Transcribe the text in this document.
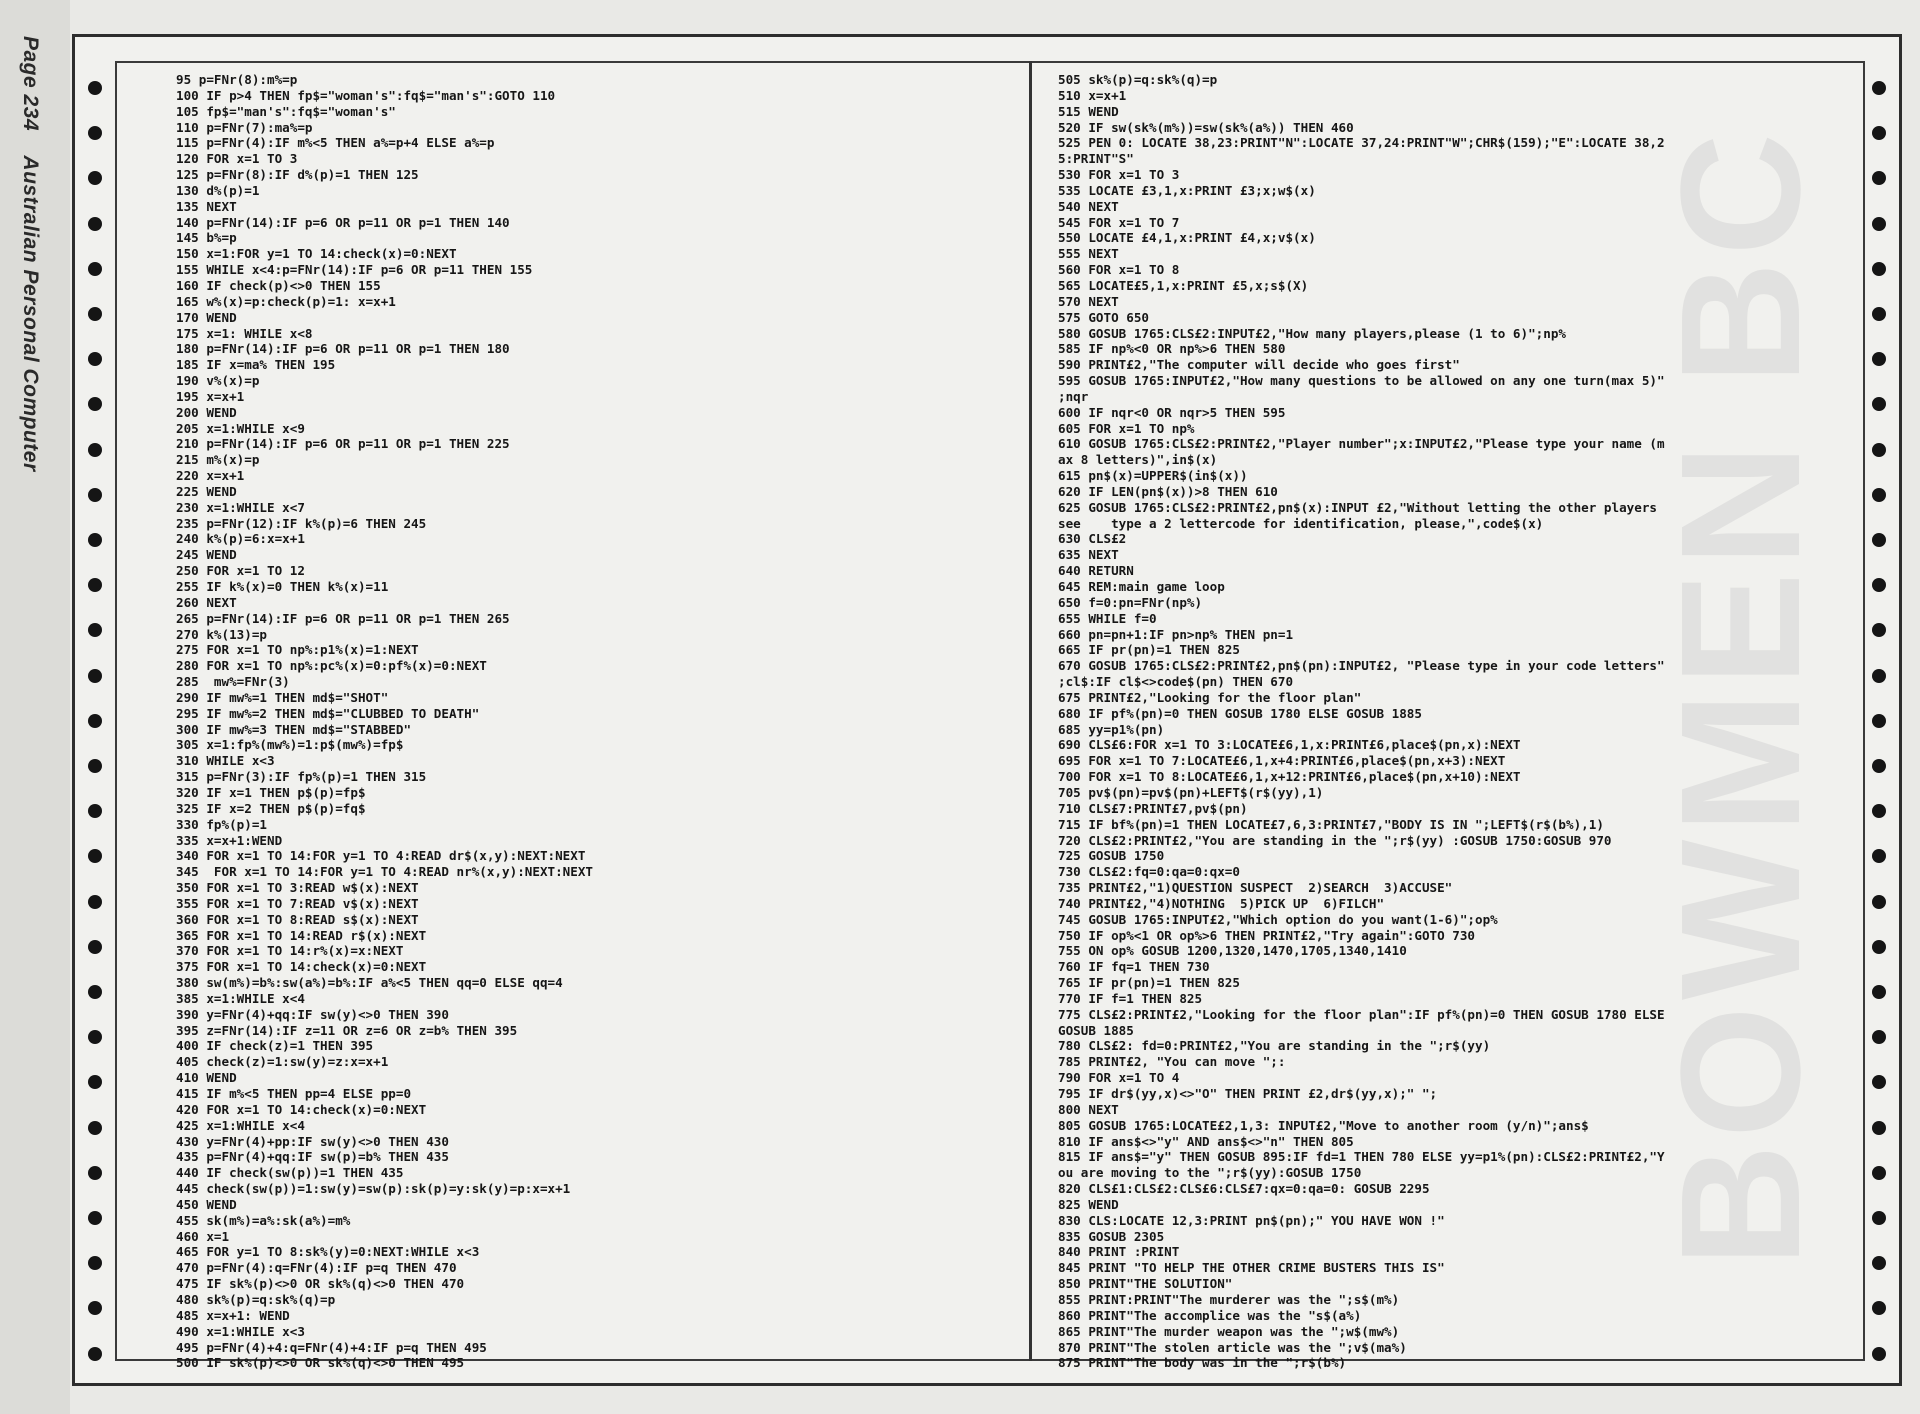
Page 234 Australian Personal Computer	BOWMEN BC
95 p=FNr(8):m%=p
100 IF p>4 THEN fp$="woman's":fq$="man's":GOTO 110
105 fp$="man's":fq$="woman's"
110 p=FNr(7):ma%=p
115 p=FNr(4):IF m%<5 THEN a%=p+4 ELSE a%=p
120 FOR x=1 TO 3
125 p=FNr(8):IF d%(p)=1 THEN 125
130 d%(p)=1
135 NEXT
140 p=FNr(14):IF p=6 OR p=11 OR p=1 THEN 140
145 b%=p
150 x=1:FOR y=1 TO 14:check(x)=0:NEXT
155 WHILE x<4:p=FNr(14):IF p=6 OR p=11 THEN 155
160 IF check(p)<>0 THEN 155
165 w%(x)=p:check(p)=1: x=x+1
170 WEND
175 x=1: WHILE x<8
180 p=FNr(14):IF p=6 OR p=11 OR p=1 THEN 180
185 IF x=ma% THEN 195
190 v%(x)=p
195 x=x+1
200 WEND
205 x=1:WHILE x<9
210 p=FNr(14):IF p=6 OR p=11 OR p=1 THEN 225
215 m%(x)=p
220 x=x+1
225 WEND
230 x=1:WHILE x<7
235 p=FNr(12):IF k%(p)=6 THEN 245
240 k%(p)=6:x=x+1
245 WEND
250 FOR x=1 TO 12
255 IF k%(x)=0 THEN k%(x)=11
260 NEXT
265 p=FNr(14):IF p=6 OR p=11 OR p=1 THEN 265
270 k%(13)=p
275 FOR x=1 TO np%:p1%(x)=1:NEXT
280 FOR x=1 TO np%:pc%(x)=0:pf%(x)=0:NEXT
285  mw%=FNr(3)
290 IF mw%=1 THEN md$="SHOT"
295 IF mw%=2 THEN md$="CLUBBED TO DEATH"
300 IF mw%=3 THEN md$="STABBED"
305 x=1:fp%(mw%)=1:p$(mw%)=fp$
310 WHILE x<3
315 p=FNr(3):IF fp%(p)=1 THEN 315
320 IF x=1 THEN p$(p)=fp$
325 IF x=2 THEN p$(p)=fq$
330 fp%(p)=1
335 x=x+1:WEND
340 FOR x=1 TO 14:FOR y=1 TO 4:READ dr$(x,y):NEXT:NEXT
345  FOR x=1 TO 14:FOR y=1 TO 4:READ nr%(x,y):NEXT:NEXT
350 FOR x=1 TO 3:READ w$(x):NEXT
355 FOR x=1 TO 7:READ v$(x):NEXT
360 FOR x=1 TO 8:READ s$(x):NEXT
365 FOR x=1 TO 14:READ r$(x):NEXT
370 FOR x=1 TO 14:r%(x)=x:NEXT
375 FOR x=1 TO 14:check(x)=0:NEXT
380 sw(m%)=b%:sw(a%)=b%:IF a%<5 THEN qq=0 ELSE qq=4
385 x=1:WHILE x<4
390 y=FNr(4)+qq:IF sw(y)<>0 THEN 390
395 z=FNr(14):IF z=11 OR z=6 OR z=b% THEN 395
400 IF check(z)=1 THEN 395
405 check(z)=1:sw(y)=z:x=x+1
410 WEND
415 IF m%<5 THEN pp=4 ELSE pp=0
420 FOR x=1 TO 14:check(x)=0:NEXT
425 x=1:WHILE x<4
430 y=FNr(4)+pp:IF sw(y)<>0 THEN 430
435 p=FNr(4)+qq:IF sw(p)=b% THEN 435
440 IF check(sw(p))=1 THEN 435
445 check(sw(p))=1:sw(y)=sw(p):sk(p)=y:sk(y)=p:x=x+1
450 WEND
455 sk(m%)=a%:sk(a%)=m%
460 x=1
465 FOR y=1 TO 8:sk%(y)=0:NEXT:WHILE x<3
470 p=FNr(4):q=FNr(4):IF p=q THEN 470
475 IF sk%(p)<>0 OR sk%(q)<>0 THEN 470
480 sk%(p)=q:sk%(q)=p
485 x=x+1: WEND
490 x=1:WHILE x<3
495 p=FNr(4)+4:q=FNr(4)+4:IF p=q THEN 495
500 IF sk%(p)<>0 OR sk%(q)<>0 THEN 495
505 sk%(p)=q:sk%(q)=p
510 x=x+1
515 WEND
520 IF sw(sk%(m%))=sw(sk%(a%)) THEN 460
525 PEN 0: LOCATE 38,23:PRINT"N":LOCATE 37,24:PRINT"W";CHR$(159);"E":LOCATE 38,2
5:PRINT"S"
530 FOR x=1 TO 3
535 LOCATE £3,1,x:PRINT £3;x;w$(x)
540 NEXT
545 FOR x=1 TO 7
550 LOCATE £4,1,x:PRINT £4,x;v$(x)
555 NEXT
560 FOR x=1 TO 8
565 LOCATE£5,1,x:PRINT £5,x;s$(X)
570 NEXT
575 GOTO 650
580 GOSUB 1765:CLS£2:INPUT£2,"How many players,please (1 to 6)";np%
585 IF np%<0 OR np%>6 THEN 580
590 PRINT£2,"The computer will decide who goes first"
595 GOSUB 1765:INPUT£2,"How many questions to be allowed on any one turn(max 5)"
;nqr
600 IF nqr<0 OR nqr>5 THEN 595
605 FOR x=1 TO np%
610 GOSUB 1765:CLS£2:PRINT£2,"Player number";x:INPUT£2,"Please type your name (m
ax 8 letters)",in$(x)
615 pn$(x)=UPPER$(in$(x))
620 IF LEN(pn$(x))>8 THEN 610
625 GOSUB 1765:CLS£2:PRINT£2,pn$(x):INPUT £2,"Without letting the other players
see    type a 2 lettercode for identification, please,",code$(x)
630 CLS£2
635 NEXT
640 RETURN
645 REM:main game loop
650 f=0:pn=FNr(np%)
655 WHILE f=0
660 pn=pn+1:IF pn>np% THEN pn=1
665 IF pr(pn)=1 THEN 825
670 GOSUB 1765:CLS£2:PRINT£2,pn$(pn):INPUT£2, "Please type in your code letters"
;cl$:IF cl$<>code$(pn) THEN 670
675 PRINT£2,"Looking for the floor plan"
680 IF pf%(pn)=0 THEN GOSUB 1780 ELSE GOSUB 1885
685 yy=p1%(pn)
690 CLS£6:FOR x=1 TO 3:LOCATE£6,1,x:PRINT£6,place$(pn,x):NEXT
695 FOR x=1 TO 7:LOCATE£6,1,x+4:PRINT£6,place$(pn,x+3):NEXT
700 FOR x=1 TO 8:LOCATE£6,1,x+12:PRINT£6,place$(pn,x+10):NEXT
705 pv$(pn)=pv$(pn)+LEFT$(r$(yy),1)
710 CLS£7:PRINT£7,pv$(pn)
715 IF bf%(pn)=1 THEN LOCATE£7,6,3:PRINT£7,"BODY IS IN ";LEFT$(r$(b%),1)
720 CLS£2:PRINT£2,"You are standing in the ";r$(yy) :GOSUB 1750:GOSUB 970
725 GOSUB 1750
730 CLS£2:fq=0:qa=0:qx=0
735 PRINT£2,"1)QUESTION SUSPECT  2)SEARCH  3)ACCUSE"
740 PRINT£2,"4)NOTHING  5)PICK UP  6)FILCH"
745 GOSUB 1765:INPUT£2,"Which option do you want(1-6)";op%
750 IF op%<1 OR op%>6 THEN PRINT£2,"Try again":GOTO 730
755 ON op% GOSUB 1200,1320,1470,1705,1340,1410
760 IF fq=1 THEN 730
765 IF pr(pn)=1 THEN 825
770 IF f=1 THEN 825
775 CLS£2:PRINT£2,"Looking for the floor plan":IF pf%(pn)=0 THEN GOSUB 1780 ELSE
GOSUB 1885
780 CLS£2: fd=0:PRINT£2,"You are standing in the ";r$(yy)
785 PRINT£2, "You can move ";:
790 FOR x=1 TO 4
795 IF dr$(yy,x)<>"O" THEN PRINT £2,dr$(yy,x);" ";
800 NEXT
805 GOSUB 1765:LOCATE£2,1,3: INPUT£2,"Move to another room (y/n)";ans$
810 IF ans$<>"y" AND ans$<>"n" THEN 805
815 IF ans$="y" THEN GOSUB 895:IF fd=1 THEN 780 ELSE yy=p1%(pn):CLS£2:PRINT£2,"Y
ou are moving to the ";r$(yy):GOSUB 1750
820 CLS£1:CLS£2:CLS£6:CLS£7:qx=0:qa=0: GOSUB 2295
825 WEND
830 CLS:LOCATE 12,3:PRINT pn$(pn);" YOU HAVE WON !"
835 GOSUB 2305
840 PRINT :PRINT
845 PRINT "TO HELP THE OTHER CRIME BUSTERS THIS IS"
850 PRINT"THE SOLUTION"
855 PRINT:PRINT"The murderer was the ";s$(m%)
860 PRINT"The accomplice was the "s$(a%)
865 PRINT"The murder weapon was the ";w$(mw%)
870 PRINT"The stolen article was the ";v$(ma%)
875 PRINT"The body was in the ";r$(b%)
